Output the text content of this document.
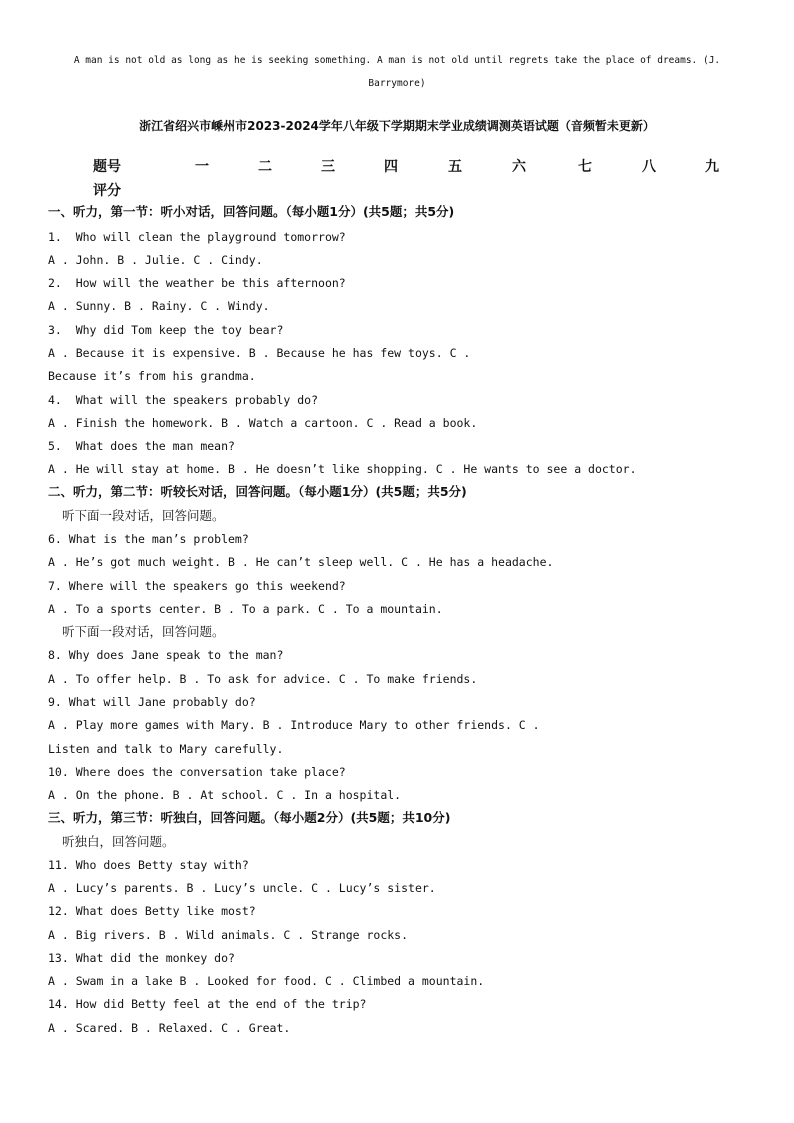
A man is not old as long as he is seeking something. A man is not old until regrets take the place of dreams. (J. Barrymore)
浙江省绍兴市嵊州市2023-2024学年八年级下学期期末学业成绩调测英语试题（音频暂未更新）
题号	一	二	三	四	五	六	七	八	九
评分
一、听力，第一节：听小对话，回答问题。（每小题1分）(共5题；共5分)
1.  Who will clean the playground tomorrow?
A . John. B . Julie. C . Cindy.
2.  How will the weather be this afternoon?
A . Sunny. B . Rainy. C . Windy.
3.  Why did Tom keep the toy bear?
A . Because it is expensive. B . Because he has few toys. C .
Because it’s from his grandma.
4.  What will the speakers probably do?
A . Finish the homework. B . Watch a cartoon. C . Read a book.
5.  What does the man mean?
A . He will stay at home. B . He doesn’t like shopping. C . He wants to see a doctor.
二、听力，第二节：听较长对话，回答问题。（每小题1分）(共5题；共5分)
听下面一段对话，回答问题。
6. What is the man’s problem?
A . He’s got much weight. B . He can’t sleep well. C . He has a headache.
7. Where will the speakers go this weekend?
A . To a sports center. B . To a park. C . To a mountain.
听下面一段对话，回答问题。
8. Why does Jane speak to the man?
A . To offer help. B . To ask for advice. C . To make friends.
9. What will Jane probably do?
A . Play more games with Mary. B . Introduce Mary to other friends. C .
Listen and talk to Mary carefully.
10. Where does the conversation take place?
A . On the phone. B . At school. C . In a hospital.
三、听力，第三节：听独白，回答问题。（每小题2分）(共5题；共10分)
听独白，回答问题。
11. Who does Betty stay with?
A . Lucy’s parents. B . Lucy’s uncle. C . Lucy’s sister.
12. What does Betty like most?
A . Big rivers. B . Wild animals. C . Strange rocks.
13. What did the monkey do?
A . Swam in a lake B . Looked for food. C . Climbed a mountain.
14. How did Betty feel at the end of the trip?
A . Scared. B . Relaxed. C . Great.
